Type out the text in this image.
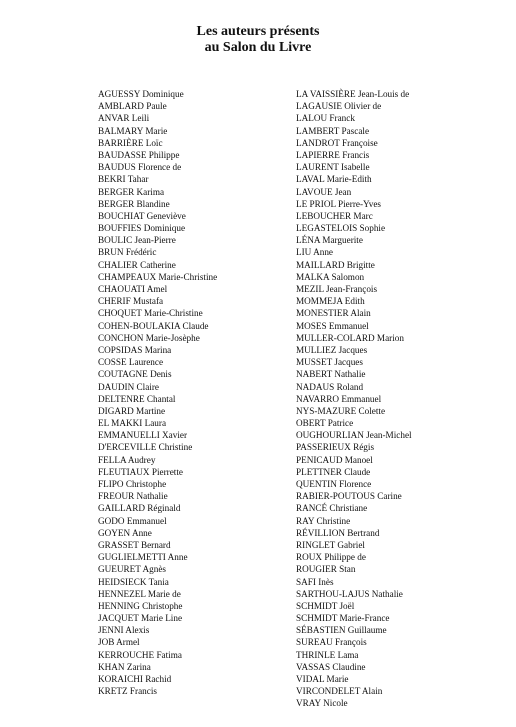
Les auteurs présents
au Salon du Livre
AGUESSY Dominique
AMBLARD Paule
ANVAR Leili
BALMARY Marie
BARRIÈRE Loïc
BAUDASSE Philippe
BAUDUS Florence de
BEKRI Tahar
BERGER Karima
BERGER Blandine
BOUCHIAT Geneviève
BOUFFIES Dominique
BOULIC Jean-Pierre
BRUN Frédéric
CHALIER Catherine
CHAMPEAUX Marie-Christine
CHAOUATI Amel
CHERIF Mustafa
CHOQUET Marie-Christine
COHEN-BOULAKIA Claude
CONCHON Marie-Josèphe
COPSIDAS Marina
COSSE Laurence
COUTAGNE Denis
DAUDIN Claire
DELTENRE Chantal
DIGARD Martine
EL MAKKI Laura
EMMANUELLI Xavier
D'ERCEVILLE Christine
FELLA Audrey
FLEUTIAUX Pierrette
FLIPO Christophe
FREOUR Nathalie
GAILLARD Réginald
GODO Emmanuel
GOYEN Anne
GRASSET Bernard
GUGLIELMETTI Anne
GUEURET Agnès
HEIDSIECK Tania
HENNEZEL Marie de
HENNING Christophe
JACQUET Marie Line
JENNI Alexis
JOB Armel
KERROUCHE Fatima
KHAN Zarina
KORAICHI Rachid
KRETZ Francis
LA VAISSIÈRE Jean-Louis de
LAGAUSIE Olivier de
LALOU Franck
LAMBERT Pascale
LANDROT Françoise
LAPIERRE Francis
LAURENT Isabelle
LAVAL Marie-Edith
LAVOUE Jean
LE PRIOL Pierre-Yves
LEBOUCHER Marc
LEGASTELOIS Sophie
LÉNA Marguerite
LIU Anne
MAILLARD Brigitte
MALKA Salomon
MEZIL Jean-François
MOMMEJA Edith
MONESTIER Alain
MOSES Emmanuel
MULLER-COLARD Marion
MULLIEZ Jacques
MUSSET Jacques
NABERT Nathalie
NADAUS Roland
NAVARRO Emmanuel
NYS-MAZURE Colette
OBERT Patrice
OUGHOURLIAN Jean-Michel
PASSERIEUX Régis
PENICAUD Manoel
PLETTNER Claude
QUENTIN Florence
RABIER-POUTOUS Carine
RANCÉ Christiane
RAY Christine
RÉVILLION Bertrand
RINGLET Gabriel
ROUX Philippe de
ROUGIER Stan
SAFI Inès
SARTHOU-LAJUS Nathalie
SCHMIDT Joël
SCHMIDT Marie-France
SÉBASTIEN Guillaume
SUREAU François
THRINLE Lama
VASSAS Claudine
VIDAL Marie
VIRCONDELET Alain
VRAY Nicole
